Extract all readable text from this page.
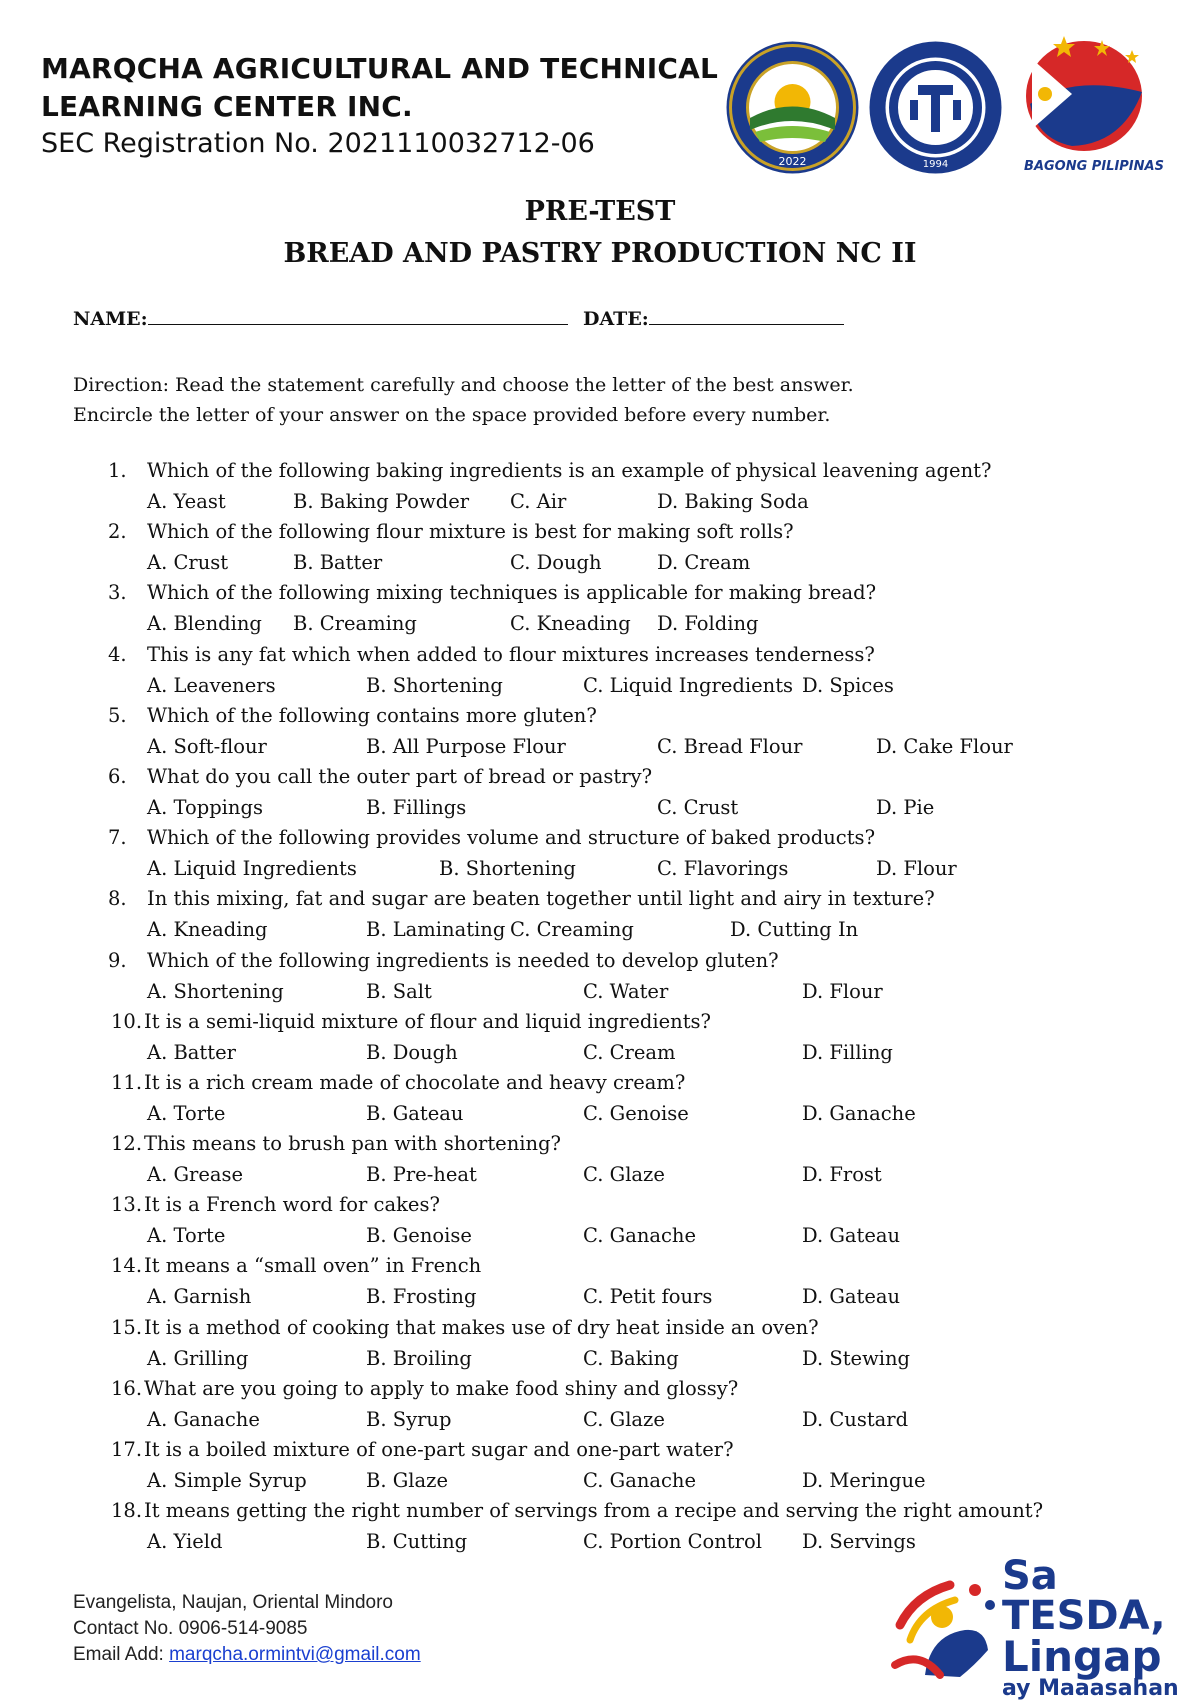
MARQCHA AGRICULTURAL AND TECHNICAL
LEARNING CENTER INC.
SEC Registration No. 2021110032712-06
2022	1994	BAGONG PILIPINAS
PRE-TEST
BREAD AND PASTRY PRODUCTION NC II
NAME:	DATE:
Direction: Read the statement carefully and choose the letter of the best answer.
Encircle the letter of your answer on the space provided before every number.
1. Which of the following baking ingredients is an example of physical leavening agent?
A. Yeast	B. Baking Powder C. Air	D. Baking Soda
2. Which of the following flour mixture is best for making soft rolls?
A. Crust	B. Batter	C. Dough	D. Cream
3. Which of the following mixing techniques is applicable for making bread?
A. Blending B. Creaming	C. Kneading D. Folding
4. This is any fat which when added to flour mixtures increases tenderness?
A. Leaveners	B. Shortening	C. Liquid Ingredients D. Spices
5. Which of the following contains more gluten?
A. Soft-flour	B. All Purpose Flour	C. Bread Flour	D. Cake Flour
6. What do you call the outer part of bread or pastry?
A. Toppings	B. Fillings	C. Crust	D. Pie
7. Which of the following provides volume and structure of baked products?
A. Liquid Ingredients	B. Shortening	C. Flavorings	D. Flour
8. In this mixing, fat and sugar are beaten together until light and airy in texture?
A. Kneading	B. Laminating C. Creaming	D. Cutting In
9. Which of the following ingredients is needed to develop gluten?
A. Shortening	B. Salt	C. Water	D. Flour
10. It is a semi-liquid mixture of flour and liquid ingredients?
A. Batter	B. Dough	C. Cream	D. Filling
11. It is a rich cream made of chocolate and heavy cream?
A. Torte	B. Gateau	C. Genoise	D. Ganache
12. This means to brush pan with shortening?
A. Grease	B. Pre-heat	C. Glaze	D. Frost
13. It is a French word for cakes?
A. Torte	B. Genoise	C. Ganache	D. Gateau
14. It means a “small oven” in French
A. Garnish	B. Frosting	C. Petit fours	D. Gateau
15. It is a method of cooking that makes use of dry heat inside an oven?
A. Grilling	B. Broiling	C. Baking	D. Stewing
16. What are you going to apply to make food shiny and glossy?
A. Ganache	B. Syrup	C. Glaze	D. Custard
17. It is a boiled mixture of one-part sugar and one-part water?
A. Simple Syrup	B. Glaze	C. Ganache	D. Meringue
18. It means getting the right number of servings from a recipe and serving the right amount?
A. Yield	B. Cutting	C. Portion Control D. Servings
Evangelista, Naujan, Oriental Mindoro
Contact No. 0906-514-9085
Email Add: marqcha.ormintvi@gmail.com
Sa
TESDA,
Lingap
ay Maaasahan
